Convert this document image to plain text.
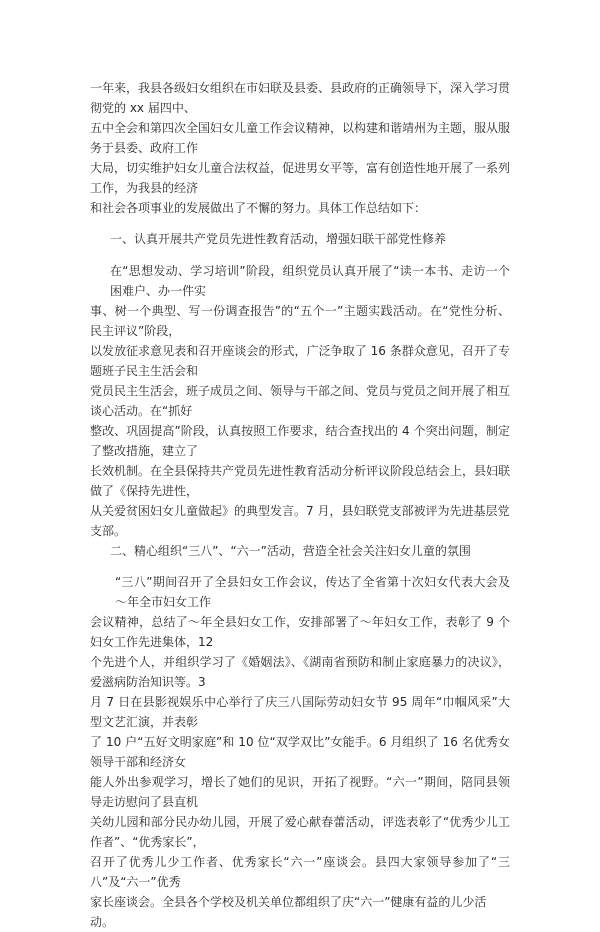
一年来，我县各级妇女组织在市妇联及县委、县政府的正确领导下，深入学习贯彻党的 xx 届四中、
五中全会和第四次全国妇女儿童工作会议精神，以构建和谐靖州为主题，服从服务于县委、政府工作
大局，切实维护妇女儿童合法权益，促进男女平等，富有创造性地开展了一系列工作，为我县的经济
和社会各项事业的发展做出了不懈的努力。具体工作总结如下：
一、认真开展共产党员先进性教育活动，增强妇联干部党性修养
在“思想发动、学习培训”阶段，组织党员认真开展了“读一本书、走访一个困难户、办一件实
事、树一个典型、写一份调查报告”的“五个一”主题实践活动。在“党性分析、民主评议”阶段，
以发放征求意见表和召开座谈会的形式，广泛争取了 16 条群众意见，召开了专题班子民主生活会和
党员民主生活会，班子成员之间、领导与干部之间、党员与党员之间开展了相互谈心活动。在“抓好
整改、巩固提高”阶段，认真按照工作要求，结合查找出的 4 个突出问题，制定了整改措施，建立了
长效机制。在全县保持共产党员先进性教育活动分析评议阶段总结会上，县妇联做了《保持先进性，
从关爱贫困妇女儿童做起》的典型发言。7 月，县妇联党支部被评为先进基层党支部。
二、精心组织“三八”、“六一”活动，营造全社会关注妇女儿童的氛围
“三八”期间召开了全县妇女工作会议，传达了全省第十次妇女代表大会及～年全市妇女工作
会议精神，总结了～年全县妇女工作，安排部署了～年妇女工作，表彰了 9 个妇女工作先进集体，12
个先进个人，并组织学习了《婚姻法》、《湖南省预防和制止家庭暴力的决议》，爱滋病防治知识等。3
月 7 日在县影视娱乐中心举行了庆三八国际劳动妇女节 95 周年“巾帼风采”大型文艺汇演，并表彰
了 10 户“五好文明家庭”和 10 位“双学双比”女能手。6 月组织了 16 名优秀女领导干部和经济女
能人外出参观学习，增长了她们的见识，开拓了视野。“六一”期间，陪同县领导走访慰问了县直机
关幼儿园和部分民办幼儿园，开展了爱心献春蕾活动，评选表彰了“优秀少儿工作者”、“优秀家长”，
召开了优秀儿少工作者、优秀家长“六一”座谈会。县四大家领导参加了“三八”及“六一”优秀
家长座谈会。全县各个学校及机关单位都组织了庆“六一”健康有益的儿少活动。
